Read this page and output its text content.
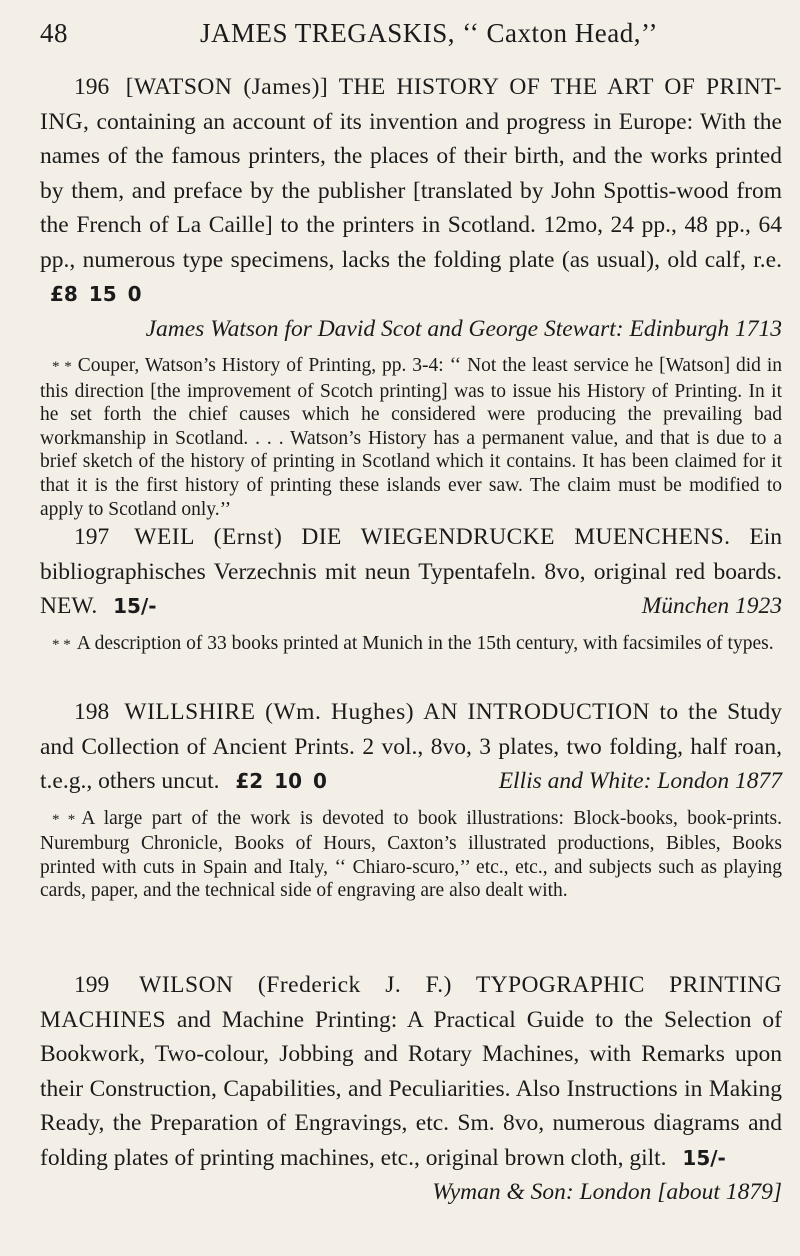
48	JAMES TREGASKIS, ‘‘ Caxton Head,’’

196 [WATSON (James)] THE HISTORY OF THE ART OF PRINT-ING, containing an account of its invention and progress in Europe: With the names of the famous printers, the places of their birth, and the works printed by them, and preface by the publisher [translated by John Spottis-wood from the French of La Caille] to the printers in Scotland. 12mo, 24 pp., 48 pp., 64 pp., numerous type specimens, lacks the folding plate (as usual), old calf, r.e. £8 15 0
James Watson for David Scot and George Stewart: Edinburgh 1713

* * Couper, Watson’s History of Printing, pp. 3-4: ‘‘ Not the least service he [Watson] did in this direction [the improvement of Scotch printing] was to issue his History of Printing. In it he set forth the chief causes which he considered were producing the prevailing bad workmanship in Scotland. . . . Watson’s History has a permanent value, and that is due to a brief sketch of the history of printing in Scotland which it contains. It has been claimed for it that it is the first history of printing these islands ever saw. The claim must be modified to apply to Scotland only.’’

197 WEIL (Ernst) DIE WIEGENDRUCKE MUENCHENS. Ein bibliographisches Verzechnis mit neun Typentafeln. 8vo, original red boards. NEW. 15/-	München 1923

* * A description of 33 books printed at Munich in the 15th century, with facsimiles of types.

198 WILLSHIRE (Wm. Hughes) AN INTRODUCTION to the Study and Collection of Ancient Prints. 2 vol., 8vo, 3 plates, two folding, half roan, t.e.g., others uncut. £2 10 0	Ellis and White: London 1877

* * A large part of the work is devoted to book illustrations: Block-books, book-prints. Nuremburg Chronicle, Books of Hours, Caxton’s illustrated productions, Bibles, Books printed with cuts in Spain and Italy, ‘‘ Chiaro-scuro,’’ etc., etc., and subjects such as playing cards, paper, and the technical side of engraving are also dealt with.

199 WILSON (Frederick J. F.) TYPOGRAPHIC PRINTING MACHINES and Machine Printing: A Practical Guide to the Selection of Bookwork, Two-colour, Jobbing and Rotary Machines, with Remarks upon their Construction, Capabilities, and Peculiarities. Also Instructions in Making Ready, the Preparation of Engravings, etc. Sm. 8vo, numerous diagrams and folding plates of printing machines, etc., original brown cloth, gilt. 15/-
Wyman & Son: London [about 1879]
